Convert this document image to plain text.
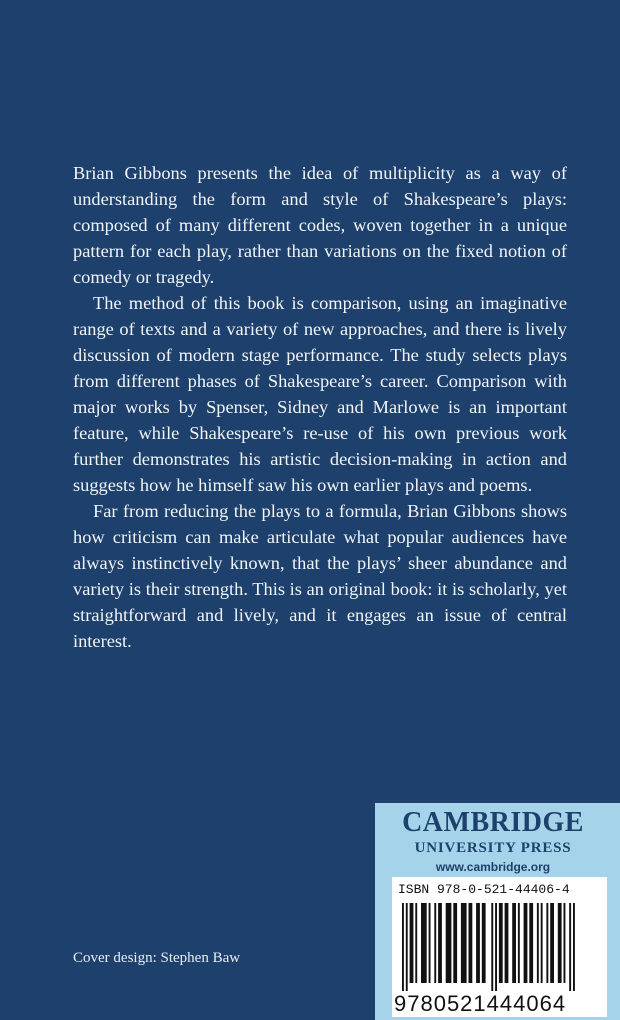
Brian Gibbons presents the idea of multiplicity as a way of understanding the form and style of Shakespeare’s plays: composed of many different codes, woven together in a unique pattern for each play, rather than variations on the fixed notion of comedy or tragedy.

The method of this book is comparison, using an imaginative range of texts and a variety of new approaches, and there is lively discussion of modern stage performance. The study selects plays from different phases of Shakespeare’s career. Comparison with major works by Spenser, Sidney and Marlowe is an important feature, while Shakespeare’s re-use of his own previous work further demonstrates his artistic decision-making in action and suggests how he himself saw his own earlier plays and poems.

Far from reducing the plays to a formula, Brian Gibbons shows how criticism can make articulate what popular audiences have always instinctively known, that the plays’ sheer abundance and variety is their strength. This is an original book: it is scholarly, yet straightforward and lively, and it engages an issue of central interest.

Cover design: Stephen Baw
CAMBRIDGE
UNIVERSITY PRESS
www.cambridge.org
ISBN 978-0-521-44406-4
9780521444064
